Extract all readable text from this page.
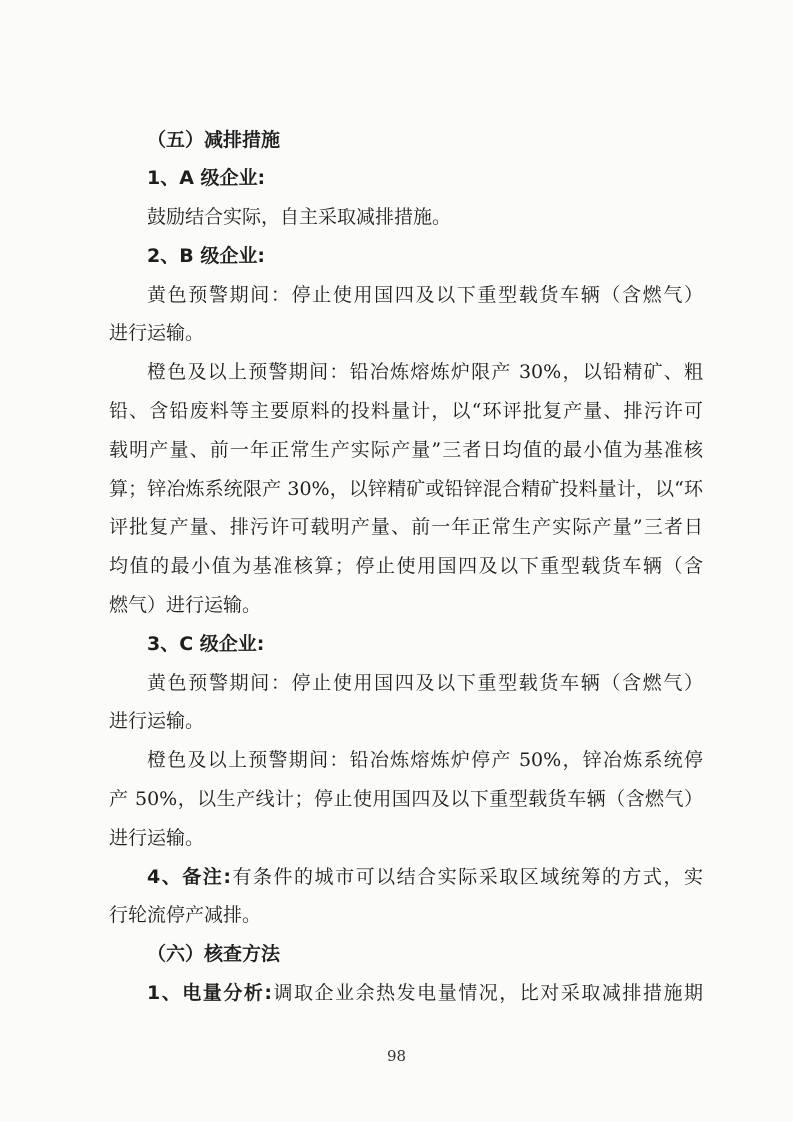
（五）减排措施
1、A 级企业:
鼓励结合实际，自主采取减排措施。
2、B 级企业:
黄色预警期间：停止使用国四及以下重型载货车辆（含燃气）
进行运输。
橙色及以上预警期间：铅冶炼熔炼炉限产 30%，以铅精矿、粗
铅、含铅废料等主要原料的投料量计，以“环评批复产量、排污许可
载明产量、前一年正常生产实际产量”三者日均值的最小值为基准核
算；锌冶炼系统限产 30%，以锌精矿或铅锌混合精矿投料量计，以“环
评批复产量、排污许可载明产量、前一年正常生产实际产量”三者日
均值的最小值为基准核算；停止使用国四及以下重型载货车辆（含
燃气）进行运输。
3、C 级企业:
黄色预警期间：停止使用国四及以下重型载货车辆（含燃气）
进行运输。
橙色及以上预警期间：铅冶炼熔炼炉停产 50%，锌冶炼系统停
产 50%，以生产线计；停止使用国四及以下重型载货车辆（含燃气）
进行运输。
4、备注:有条件的城市可以结合实际采取区域统筹的方式，实
行轮流停产减排。
（六）核查方法
1、电量分析:调取企业余热发电量情况，比对采取减排措施期
98
